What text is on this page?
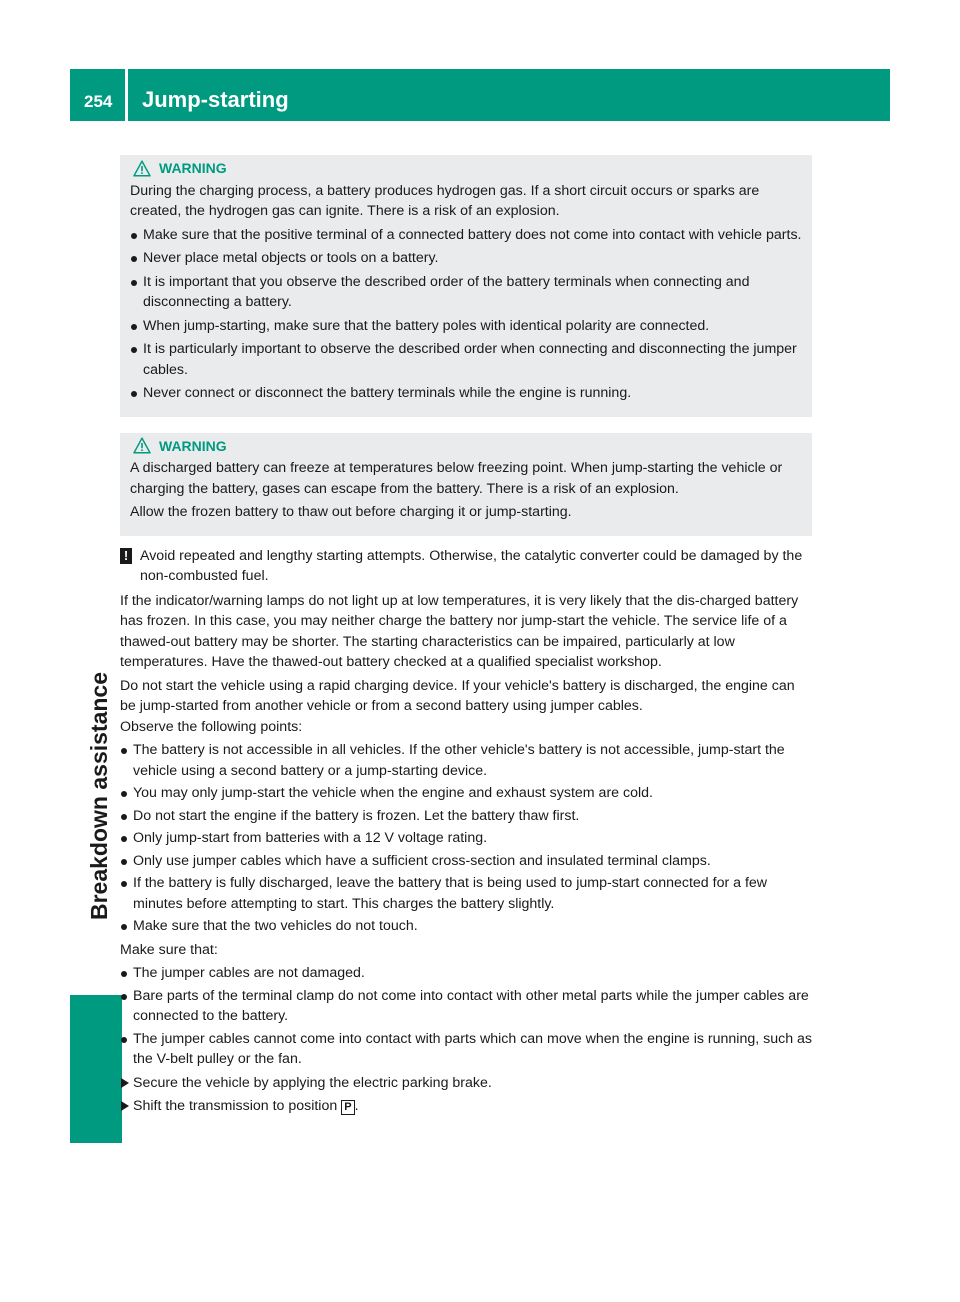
254 Jump-starting
Breakdown assistance
WARNING

During the charging process, a battery produces hydrogen gas. If a short circuit occurs or sparks are created, the hydrogen gas can ignite. There is a risk of an explosion.

Make sure that the positive terminal of a connected battery does not come into contact with vehicle parts.
Never place metal objects or tools on a battery.
It is important that you observe the described order of the battery terminals when connecting and disconnecting a battery.
When jump-starting, make sure that the battery poles with identical polarity are connected.
It is particularly important to observe the described order when connecting and disconnecting the jumper cables.
Never connect or disconnect the battery terminals while the engine is running.
WARNING

A discharged battery can freeze at temperatures below freezing point. When jump-starting the vehicle or charging the battery, gases can escape from the battery. There is a risk of an explosion.

Allow the frozen battery to thaw out before charging it or jump-starting.

! Avoid repeated and lengthy starting attempts. Otherwise, the catalytic converter could be damaged by the non-combusted fuel.

If the indicator/warning lamps do not light up at low temperatures, it is very likely that the dis-charged battery has frozen. In this case, you may neither charge the battery nor jump-start the vehicle. The service life of a thawed-out battery may be shorter. The starting characteristics can be impaired, particularly at low temperatures. Have the thawed-out battery checked at a qualified specialist workshop.

Do not start the vehicle using a rapid charging device. If your vehicle's battery is discharged, the engine can be jump-started from another vehicle or from a second battery using jumper cables.

Observe the following points:

The battery is not accessible in all vehicles. If the other vehicle's battery is not accessible, jump-start the vehicle using a second battery or a jump-starting device.
You may only jump-start the vehicle when the engine and exhaust system are cold.
Do not start the engine if the battery is frozen. Let the battery thaw first.
Only jump-start from batteries with a 12 V voltage rating.
Only use jumper cables which have a sufficient cross-section and insulated terminal clamps.
If the battery is fully discharged, leave the battery that is being used to jump-start connected for a few minutes before attempting to start. This charges the battery slightly.
Make sure that the two vehicles do not touch.

Make sure that:

The jumper cables are not damaged.
Bare parts of the terminal clamp do not come into contact with other metal parts while the jumper cables are connected to the battery.
The jumper cables cannot come into contact with parts which can move when the engine is running, such as the V-belt pulley or the fan.
Secure the vehicle by applying the electric parking brake.
Shift the transmission to position P .
